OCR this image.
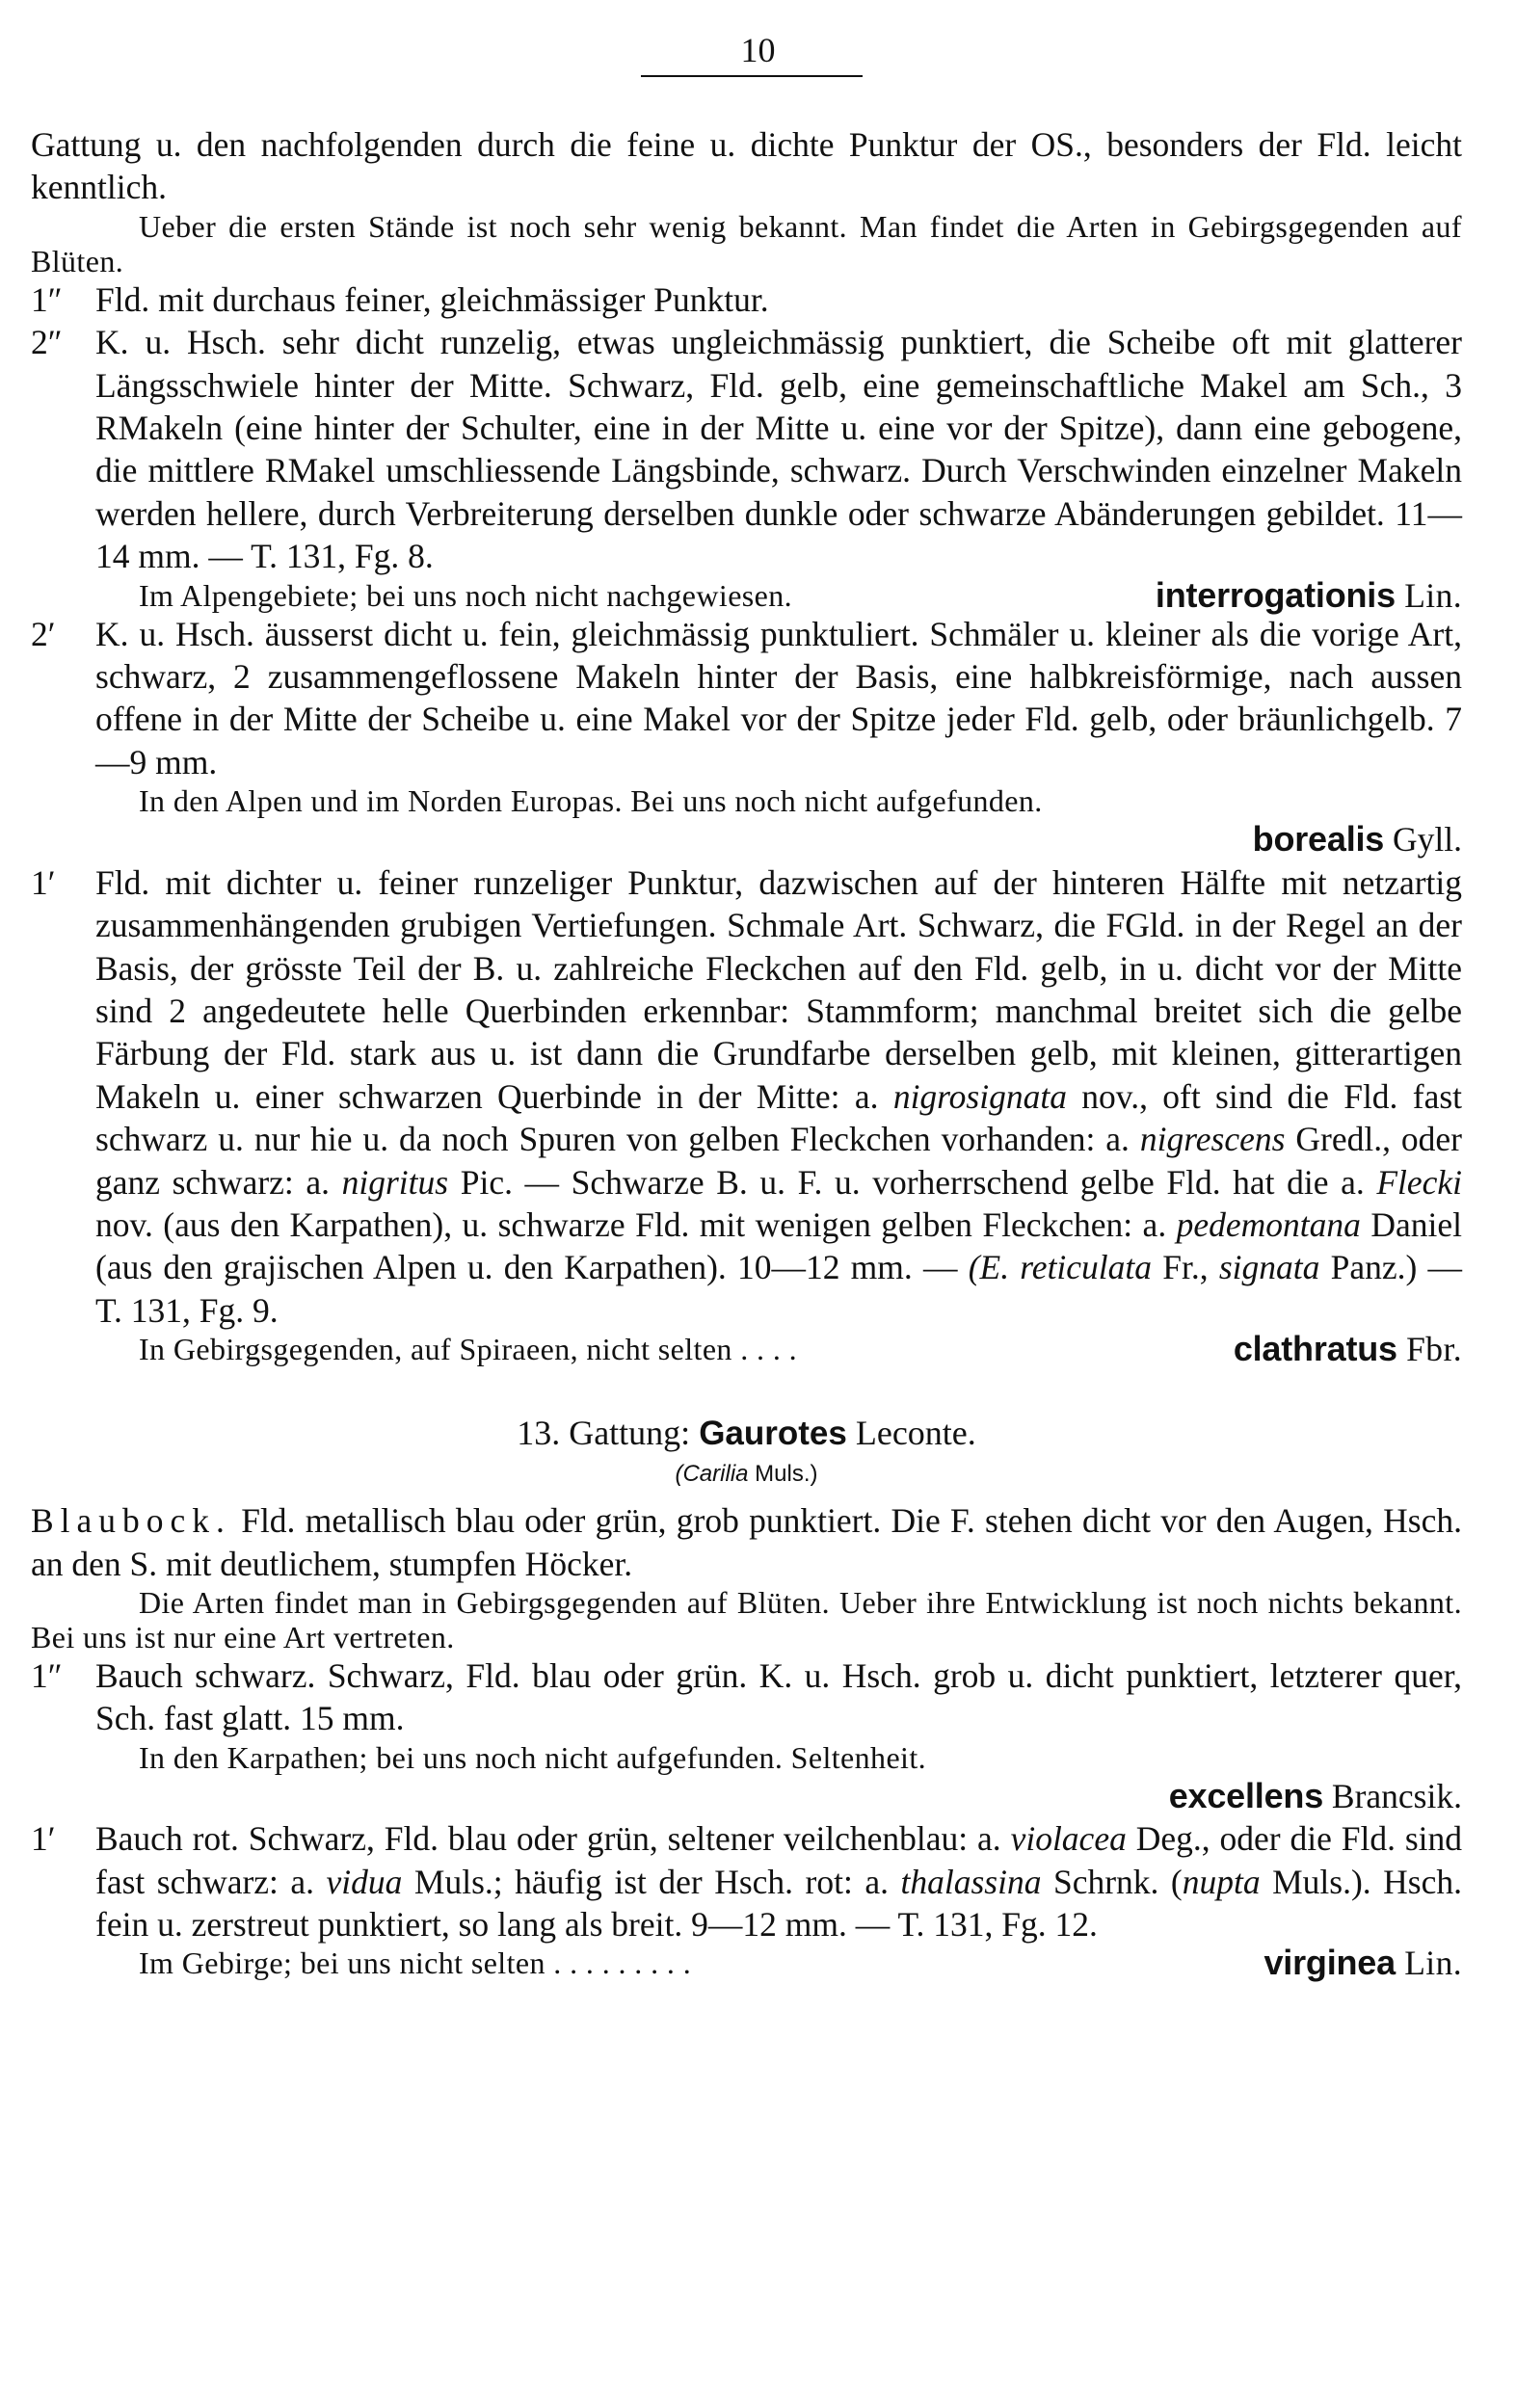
10

Gattung u. den nachfolgenden durch die feine u. dichte Punktur der OS., besonders der Fld. leicht kenntlich.

Ueber die ersten Stände ist noch sehr wenig bekannt. Man findet die Arten in Gebirgsgegenden auf Blüten.

1″ Fld. mit durchaus feiner, gleichmässiger Punktur.
2″ K. u. Hsch. sehr dicht runzelig, etwas ungleichmässig punktiert, die Scheibe oft mit glatterer Längsschwiele hinter der Mitte. Schwarz, Fld. gelb, eine gemeinschaftliche Makel am Sch., 3 RMakeln (eine hinter der Schulter, eine in der Mitte u. eine vor der Spitze), dann eine gebogene, die mittlere RMakel umschliessende Längsbinde, schwarz. Durch Verschwinden einzelner Makeln werden hellere, durch Verbreiterung derselben dunkle oder schwarze Abänderungen gebildet. 11—14 mm. — T. 131, Fg. 8.
Im Alpengebiete; bei uns noch nicht nachgewiesen.	interrogationis Lin.
2′	K. u. Hsch. äusserst dicht u. fein, gleichmässig punktuliert. Schmäler u. kleiner als die vorige Art, schwarz, 2 zusammengeflossene Makeln hinter der Basis, eine halbkreisförmige, nach aussen offene in der Mitte der Scheibe u. eine Makel vor der Spitze jeder Fld. gelb, oder bräunlichgelb. 7—9 mm.

In den Alpen und im Norden Europas. Bei uns noch nicht aufgefunden.

borealis Gyll.
1′	Fld. mit dichter u. feiner runzeliger Punktur, dazwischen auf der hinteren Hälfte mit netzartig zusammenhängenden grubigen Vertiefungen. Schmale Art. Schwarz, die FGld. in der Regel an der Basis, der grösste Teil der B. u. zahlreiche Fleckchen auf den Fld. gelb, in u. dicht vor der Mitte sind 2 angedeutete helle Querbinden erkennbar: Stammform; manchmal breitet sich die gelbe Färbung der Fld. stark aus u. ist dann die Grundfarbe derselben gelb, mit kleinen, gitterartigen Makeln u. einer schwarzen Querbinde in der Mitte: a. nigrosignata nov., oft sind die Fld. fast schwarz u. nur hie u. da noch Spuren von gelben Fleckchen vorhanden: a. nigrescens Gredl., oder ganz schwarz: a. nigritus Pic. — Schwarze B. u. F. u. vorherrschend gelbe Fld. hat die a. Flecki nov. (aus den Karpathen), u. schwarze Fld. mit wenigen gelben Fleckchen: a. pedemontana Daniel (aus den grajischen Alpen u. den Karpathen). 10—12 mm. — (E. reticulata Fr., signata Panz.) — T. 131, Fg. 9.
In Gebirgsgegenden, auf Spiraeen, nicht selten . . . .	clathratus Fbr.
13. Gattung: Gaurotes Leconte.
(Carilia Muls.)

Blaubock. Fld. metallisch blau oder grün, grob punktiert. Die F. stehen dicht vor den Augen, Hsch. an den S. mit deutlichem, stumpfen Höcker.

Die Arten findet man in Gebirgsgegenden auf Blüten. Ueber ihre Entwicklung ist noch nichts bekannt. Bei uns ist nur eine Art vertreten.

1″ Bauch schwarz. Schwarz, Fld. blau oder grün. K. u. Hsch. grob u. dicht punktiert, letzterer quer, Sch. fast glatt. 15 mm.

In den Karpathen; bei uns noch nicht aufgefunden. Seltenheit.

excellens Brancsik.
1′	Bauch rot. Schwarz, Fld. blau oder grün, seltener veilchenblau: a. violacea Deg., oder die Fld. sind fast schwarz: a. vidua Muls.; häufig ist der Hsch. rot: a. thalassina Schrnk. (nupta Muls.). Hsch. fein u. zerstreut punktiert, so lang als breit. 9—12 mm. — T. 131, Fg. 12.
Im Gebirge; bei uns nicht selten . . . . . . . . .	virginea Lin.
